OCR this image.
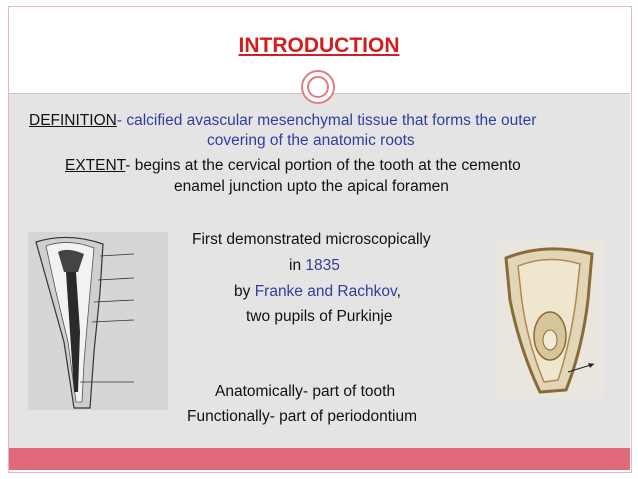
INTRODUCTION
DEFINITION- calcified avascular mesenchymal tissue that forms the outer
covering of the anatomic roots
EXTENT- begins at the cervical portion of the tooth at the cemento
enamel junction upto the apical foramen
First demonstrated microscopically
in 1835
by Franke and Rachkov,
two pupils of Purkinje
Anatomically- part of tooth
Functionally- part of periodontium
